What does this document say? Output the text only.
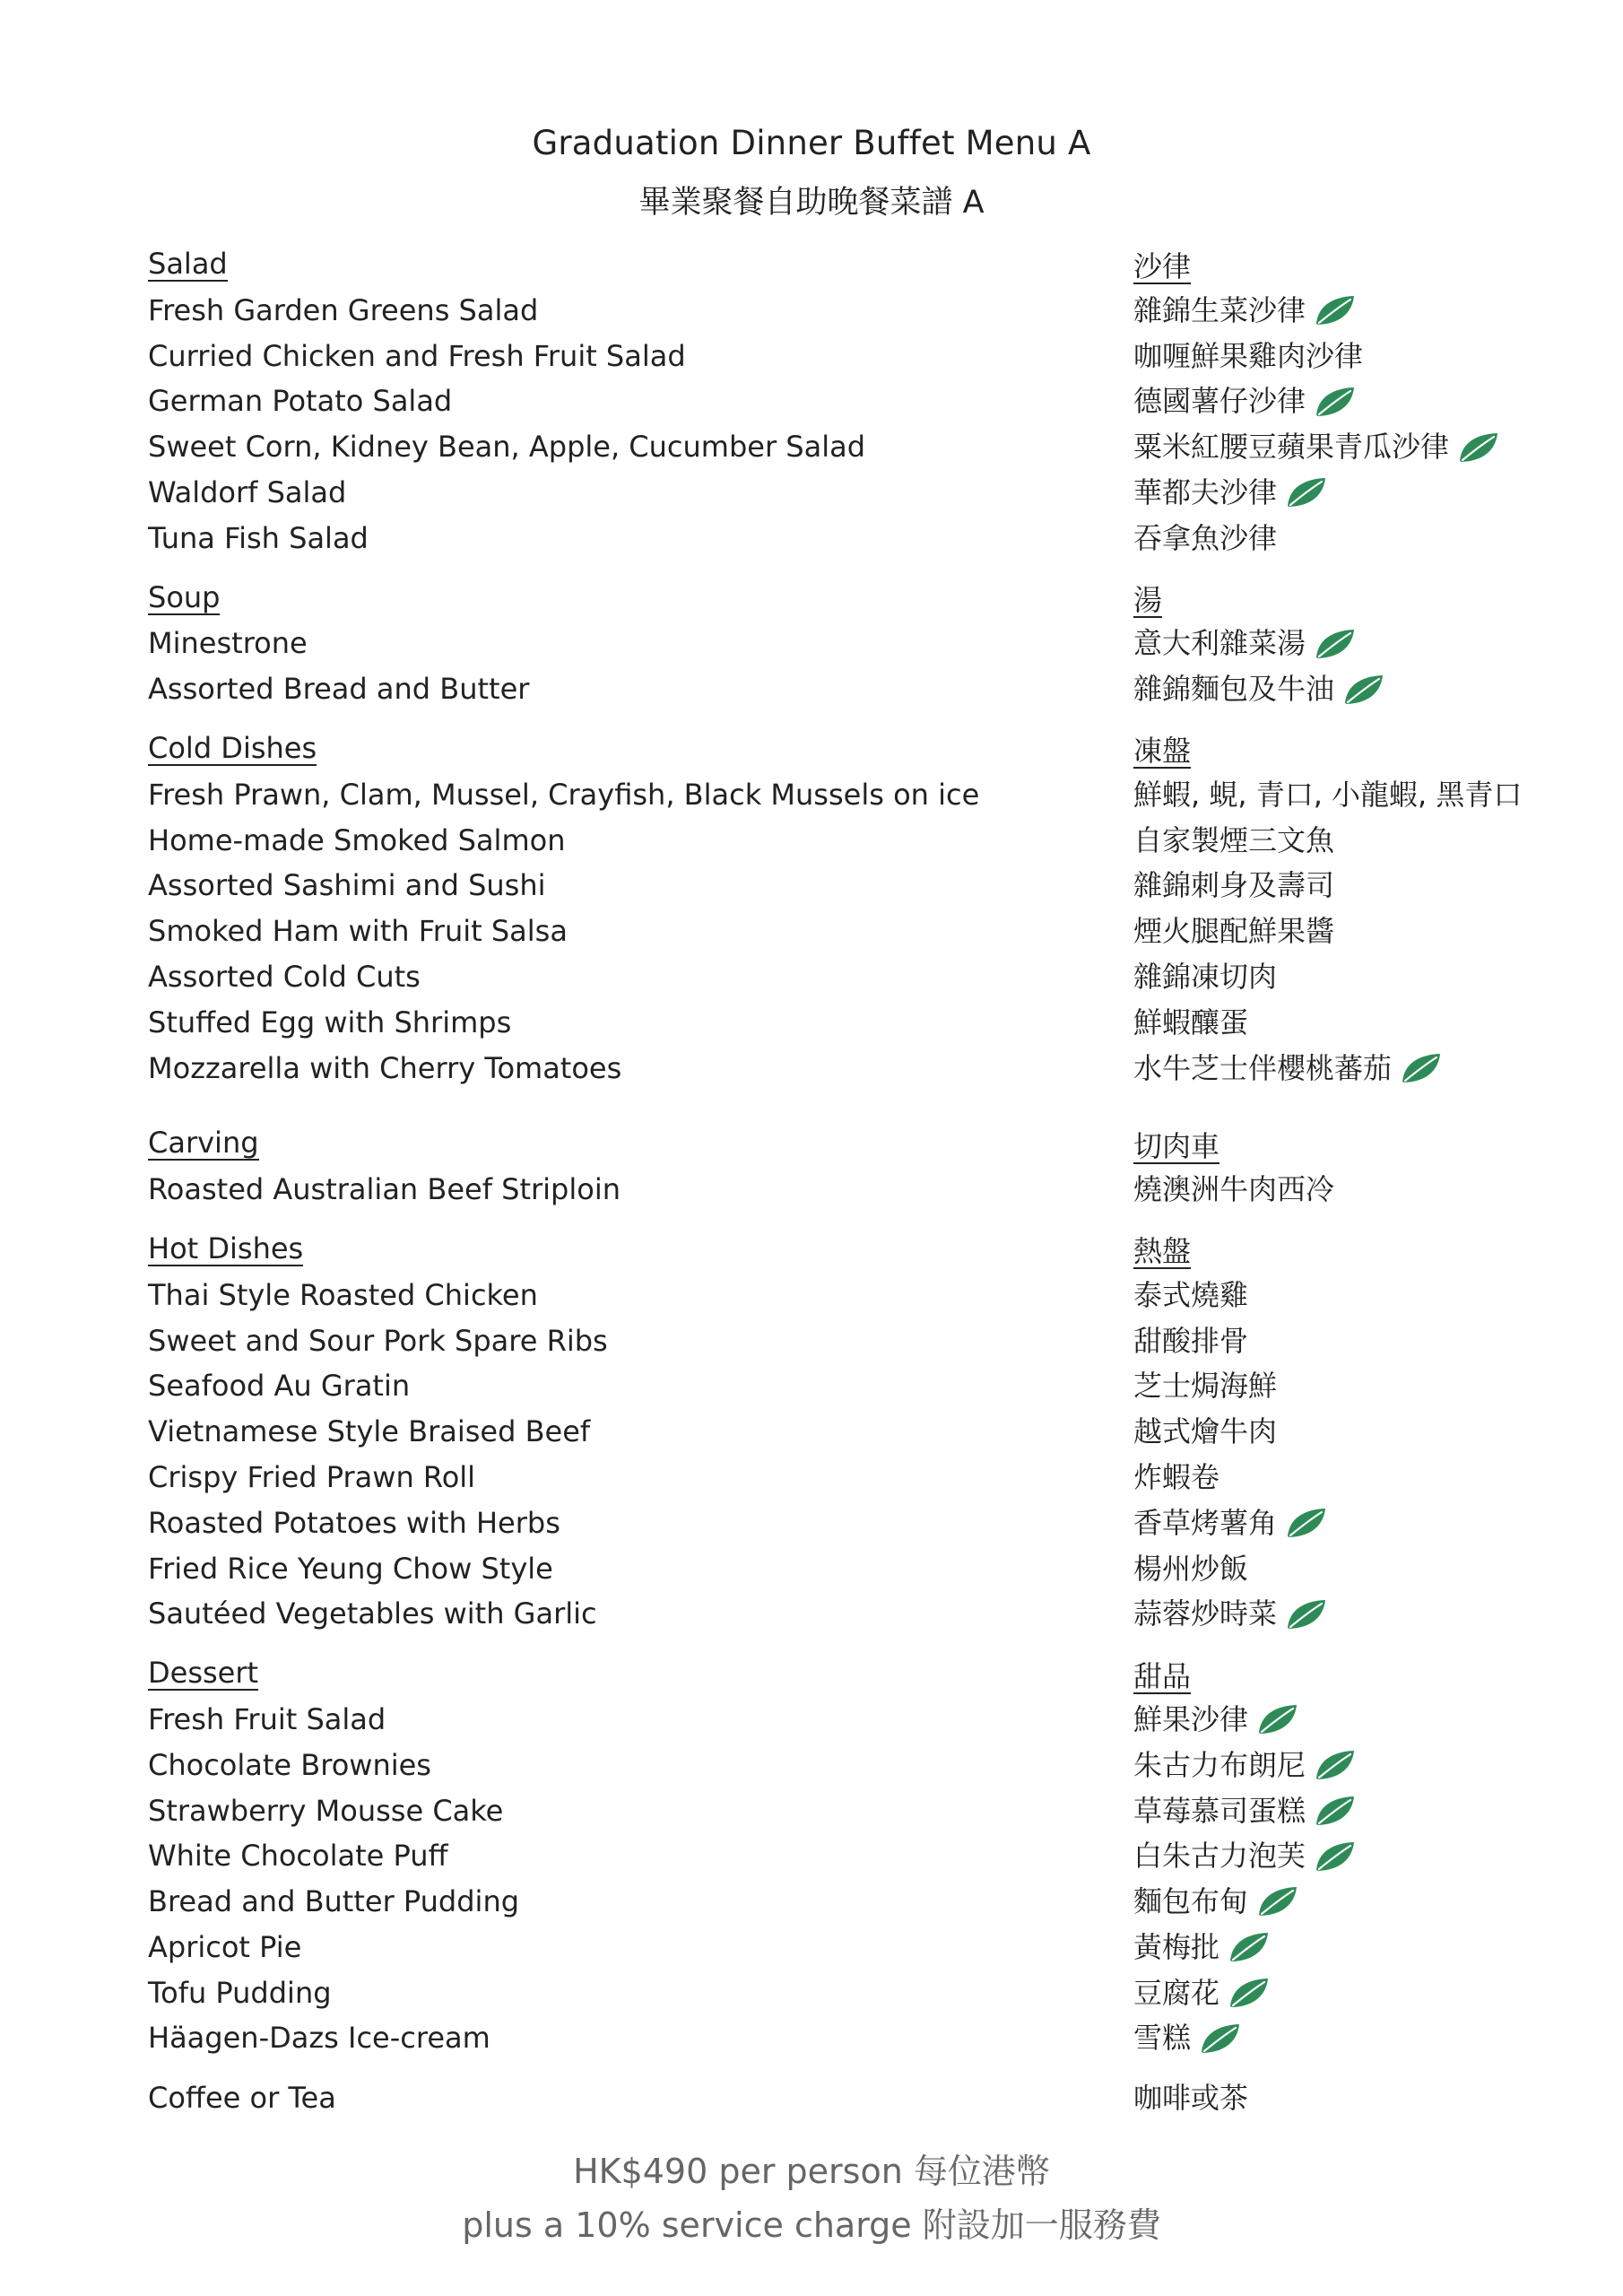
Graduation Dinner Buffet Menu A
畢業聚餐自助晚餐菜譜 A
Salad	沙律
Fresh Garden Greens Salad	雜錦生菜沙律
Curried Chicken and Fresh Fruit Salad	咖喱鮮果雞肉沙律
German Potato Salad	德國薯仔沙律
Sweet Corn, Kidney Bean, Apple, Cucumber Salad	粟米紅腰豆蘋果青瓜沙律
Waldorf Salad	華都夫沙律
Tuna Fish Salad	吞拿魚沙律
Soup	湯
Minestrone	意大利雜菜湯
Assorted Bread and Butter	雜錦麵包及牛油
Cold Dishes	凍盤
Fresh Prawn, Clam, Mussel, Crayfish, Black Mussels on ice	鮮蝦, 蜆, 青口, 小龍蝦, 黑青口
Home-made Smoked Salmon	自家製煙三文魚
Assorted Sashimi and Sushi	雜錦刺身及壽司
Smoked Ham with Fruit Salsa	煙火腿配鮮果醬
Assorted Cold Cuts	雜錦凍切肉
Stuffed Egg with Shrimps	鮮蝦釀蛋
Mozzarella with Cherry Tomatoes	水牛芝士伴櫻桃蕃茄
Carving	切肉車
Roasted Australian Beef Striploin	燒澳洲牛肉西冷
Hot Dishes	熱盤
Thai Style Roasted Chicken	泰式燒雞
Sweet and Sour Pork Spare Ribs	甜酸排骨
Seafood Au Gratin	芝士焗海鮮
Vietnamese Style Braised Beef	越式燴牛肉
Crispy Fried Prawn Roll	炸蝦卷
Roasted Potatoes with Herbs	香草烤薯角
Fried Rice Yeung Chow Style	楊州炒飯
Sautéed Vegetables with Garlic	蒜蓉炒時菜
Dessert	甜品
Fresh Fruit Salad	鮮果沙律
Chocolate Brownies	朱古力布朗尼
Strawberry Mousse Cake	草莓慕司蛋糕
White Chocolate Puff	白朱古力泡芙
Bread and Butter Pudding	麵包布甸
Apricot Pie	黃梅批
Tofu Pudding	豆腐花
Häagen-Dazs Ice-cream	雪糕
Coffee or Tea	咖啡或茶
HK$490 per person 每位港幣
plus a 10% service charge 附設加一服務費
